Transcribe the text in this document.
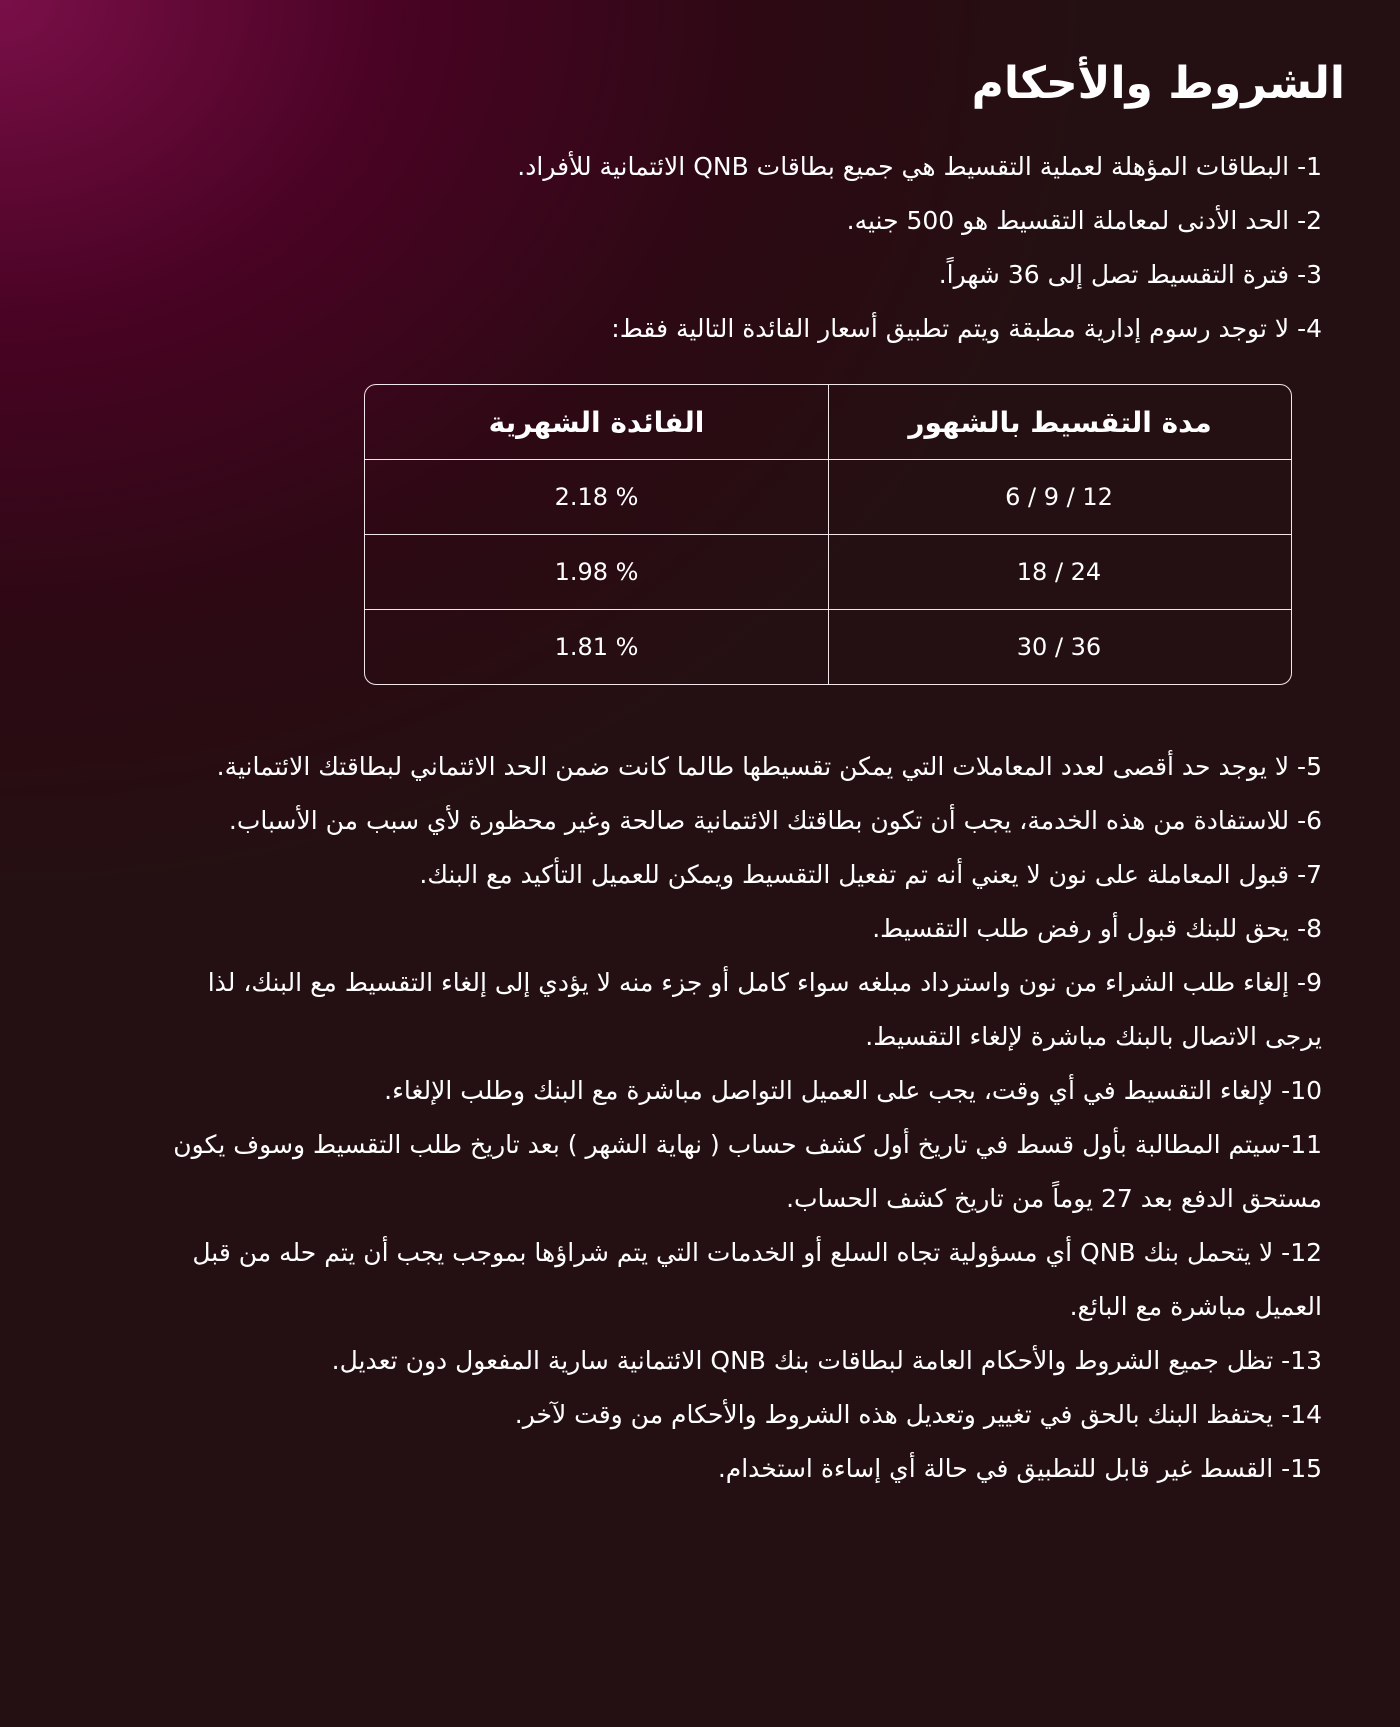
الشروط والأحكام
1- البطاقات المؤهلة لعملية التقسيط هي جميع بطاقات QNB الائتمانية للأفراد.
2- الحد الأدنى لمعاملة التقسيط هو 500 جنيه.
3- فترة التقسيط تصل إلى 36 شهراً.
4- لا توجد رسوم إدارية مطبقة ويتم تطبيق أسعار الفائدة التالية فقط:
مدة التقسيط بالشهور	الفائدة الشهرية
6 / 9 / 12	2.18 %
18 / 24	1.98 %
30 / 36	1.81 %
5- لا يوجد حد أقصى لعدد المعاملات التي يمكن تقسيطها طالما كانت ضمن الحد الائتماني لبطاقتك الائتمانية.
6- للاستفادة من هذه الخدمة، يجب أن تكون بطاقتك الائتمانية صالحة وغير محظورة لأي سبب من الأسباب.
7- قبول المعاملة على نون لا يعني أنه تم تفعيل التقسيط ويمكن للعميل التأكيد مع البنك.
8- يحق للبنك قبول أو رفض طلب التقسيط.
9- إلغاء طلب الشراء من نون واسترداد مبلغه سواء كامل أو جزء منه لا يؤدي إلى إلغاء التقسيط مع البنك، لذا يرجى الاتصال بالبنك مباشرة لإلغاء التقسيط.
10- لإلغاء التقسيط في أي وقت، يجب على العميل التواصل مباشرة مع البنك وطلب الإلغاء.
11-سيتم المطالبة بأول قسط في تاريخ أول كشف حساب ( نهاية الشهر ) بعد تاريخ طلب التقسيط وسوف يكون مستحق الدفع بعد 27 يوماً من تاريخ كشف الحساب.
12- لا يتحمل بنك QNB أي مسؤولية تجاه السلع أو الخدمات التي يتم شراؤها بموجب يجب أن يتم حله من قبل العميل مباشرة مع البائع.
13- تظل جميع الشروط والأحكام العامة لبطاقات بنك QNB الائتمانية سارية المفعول دون تعديل.
14- يحتفظ البنك بالحق في تغيير وتعديل هذه الشروط والأحكام من وقت لآخر.
15- القسط غير قابل للتطبيق في حالة أي إساءة استخدام.
